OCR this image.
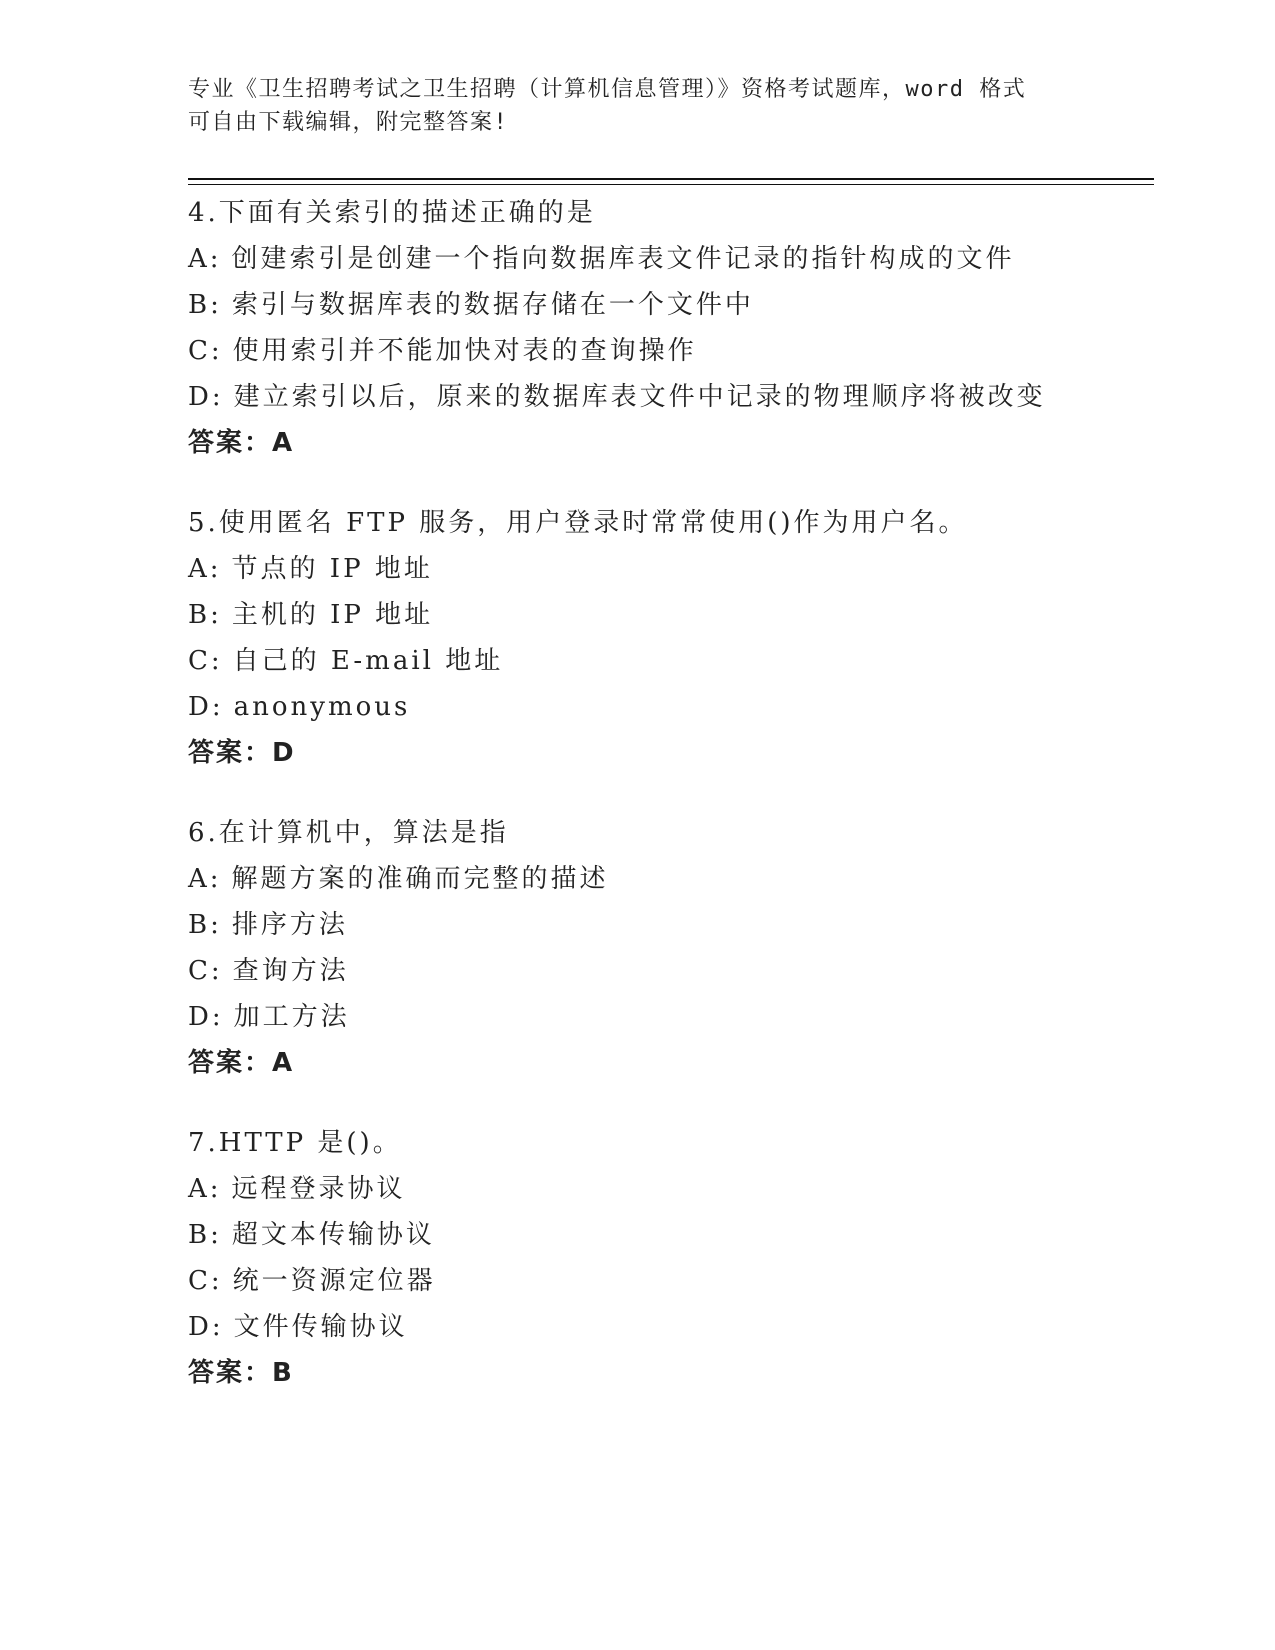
专业《卫生招聘考试之卫生招聘（计算机信息管理）》资格考试题库，word 格式
可自由下载编辑，附完整答案!
4.下面有关索引的描述正确的是
A: 创建索引是创建一个指向数据库表文件记录的指针构成的文件
B: 索引与数据库表的数据存储在一个文件中
C: 使用索引并不能加快对表的查询操作
D: 建立索引以后，原来的数据库表文件中记录的物理顺序将被改变
答案：A
5.使用匿名 FTP 服务，用户登录时常常使用()作为用户名。
A: 节点的 IP 地址
B: 主机的 IP 地址
C: 自己的 E-mail 地址
D: anonymous
答案：D
6.在计算机中，算法是指
A: 解题方案的准确而完整的描述
B: 排序方法
C: 查询方法
D: 加工方法
答案：A
7.HTTP 是()。
A: 远程登录协议
B: 超文本传输协议
C: 统一资源定位器
D: 文件传输协议
答案：B
